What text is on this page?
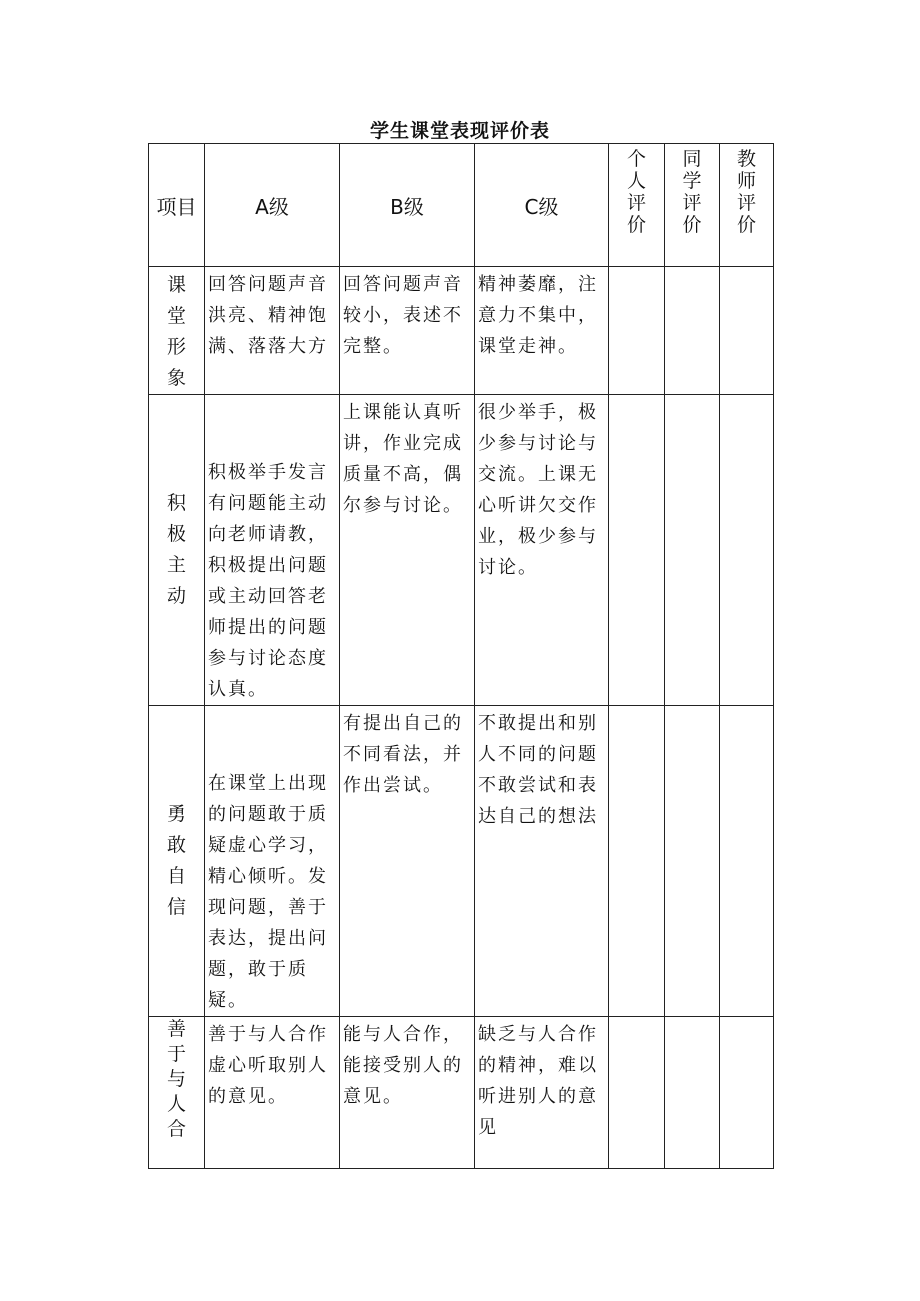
学生课堂表现评价表
项目	A级	B级	C级	个人评价	同学评价	教师评价

课堂形象	回答问题声音洪亮、精神饱满、落落大方	回答问题声音较小，表述不完整。	精神萎靡，注意力不集中，课堂走神。			

积极主动	积极举手发言有问题能主动向老师请教，积极提出问题或主动回答老师提出的问题参与讨论态度认真。	上课能认真听讲，作业完成质量不高，偶尔参与讨论。	很少举手，极少参与讨论与交流。上课无心听讲欠交作业，极少参与讨论。			

勇敢自信	在课堂上出现的问题敢于质疑虚心学习，精心倾听。发现问题，善于表达，提出问题，敢于质疑。	有提出自己的不同看法，并作出尝试。	不敢提出和别人不同的问题不敢尝试和表达自己的想法			

善于与人合	善于与人合作虚心听取别人的意见。	能与人合作，能接受别人的意见。	缺乏与人合作的精神，难以听进别人的意见			
